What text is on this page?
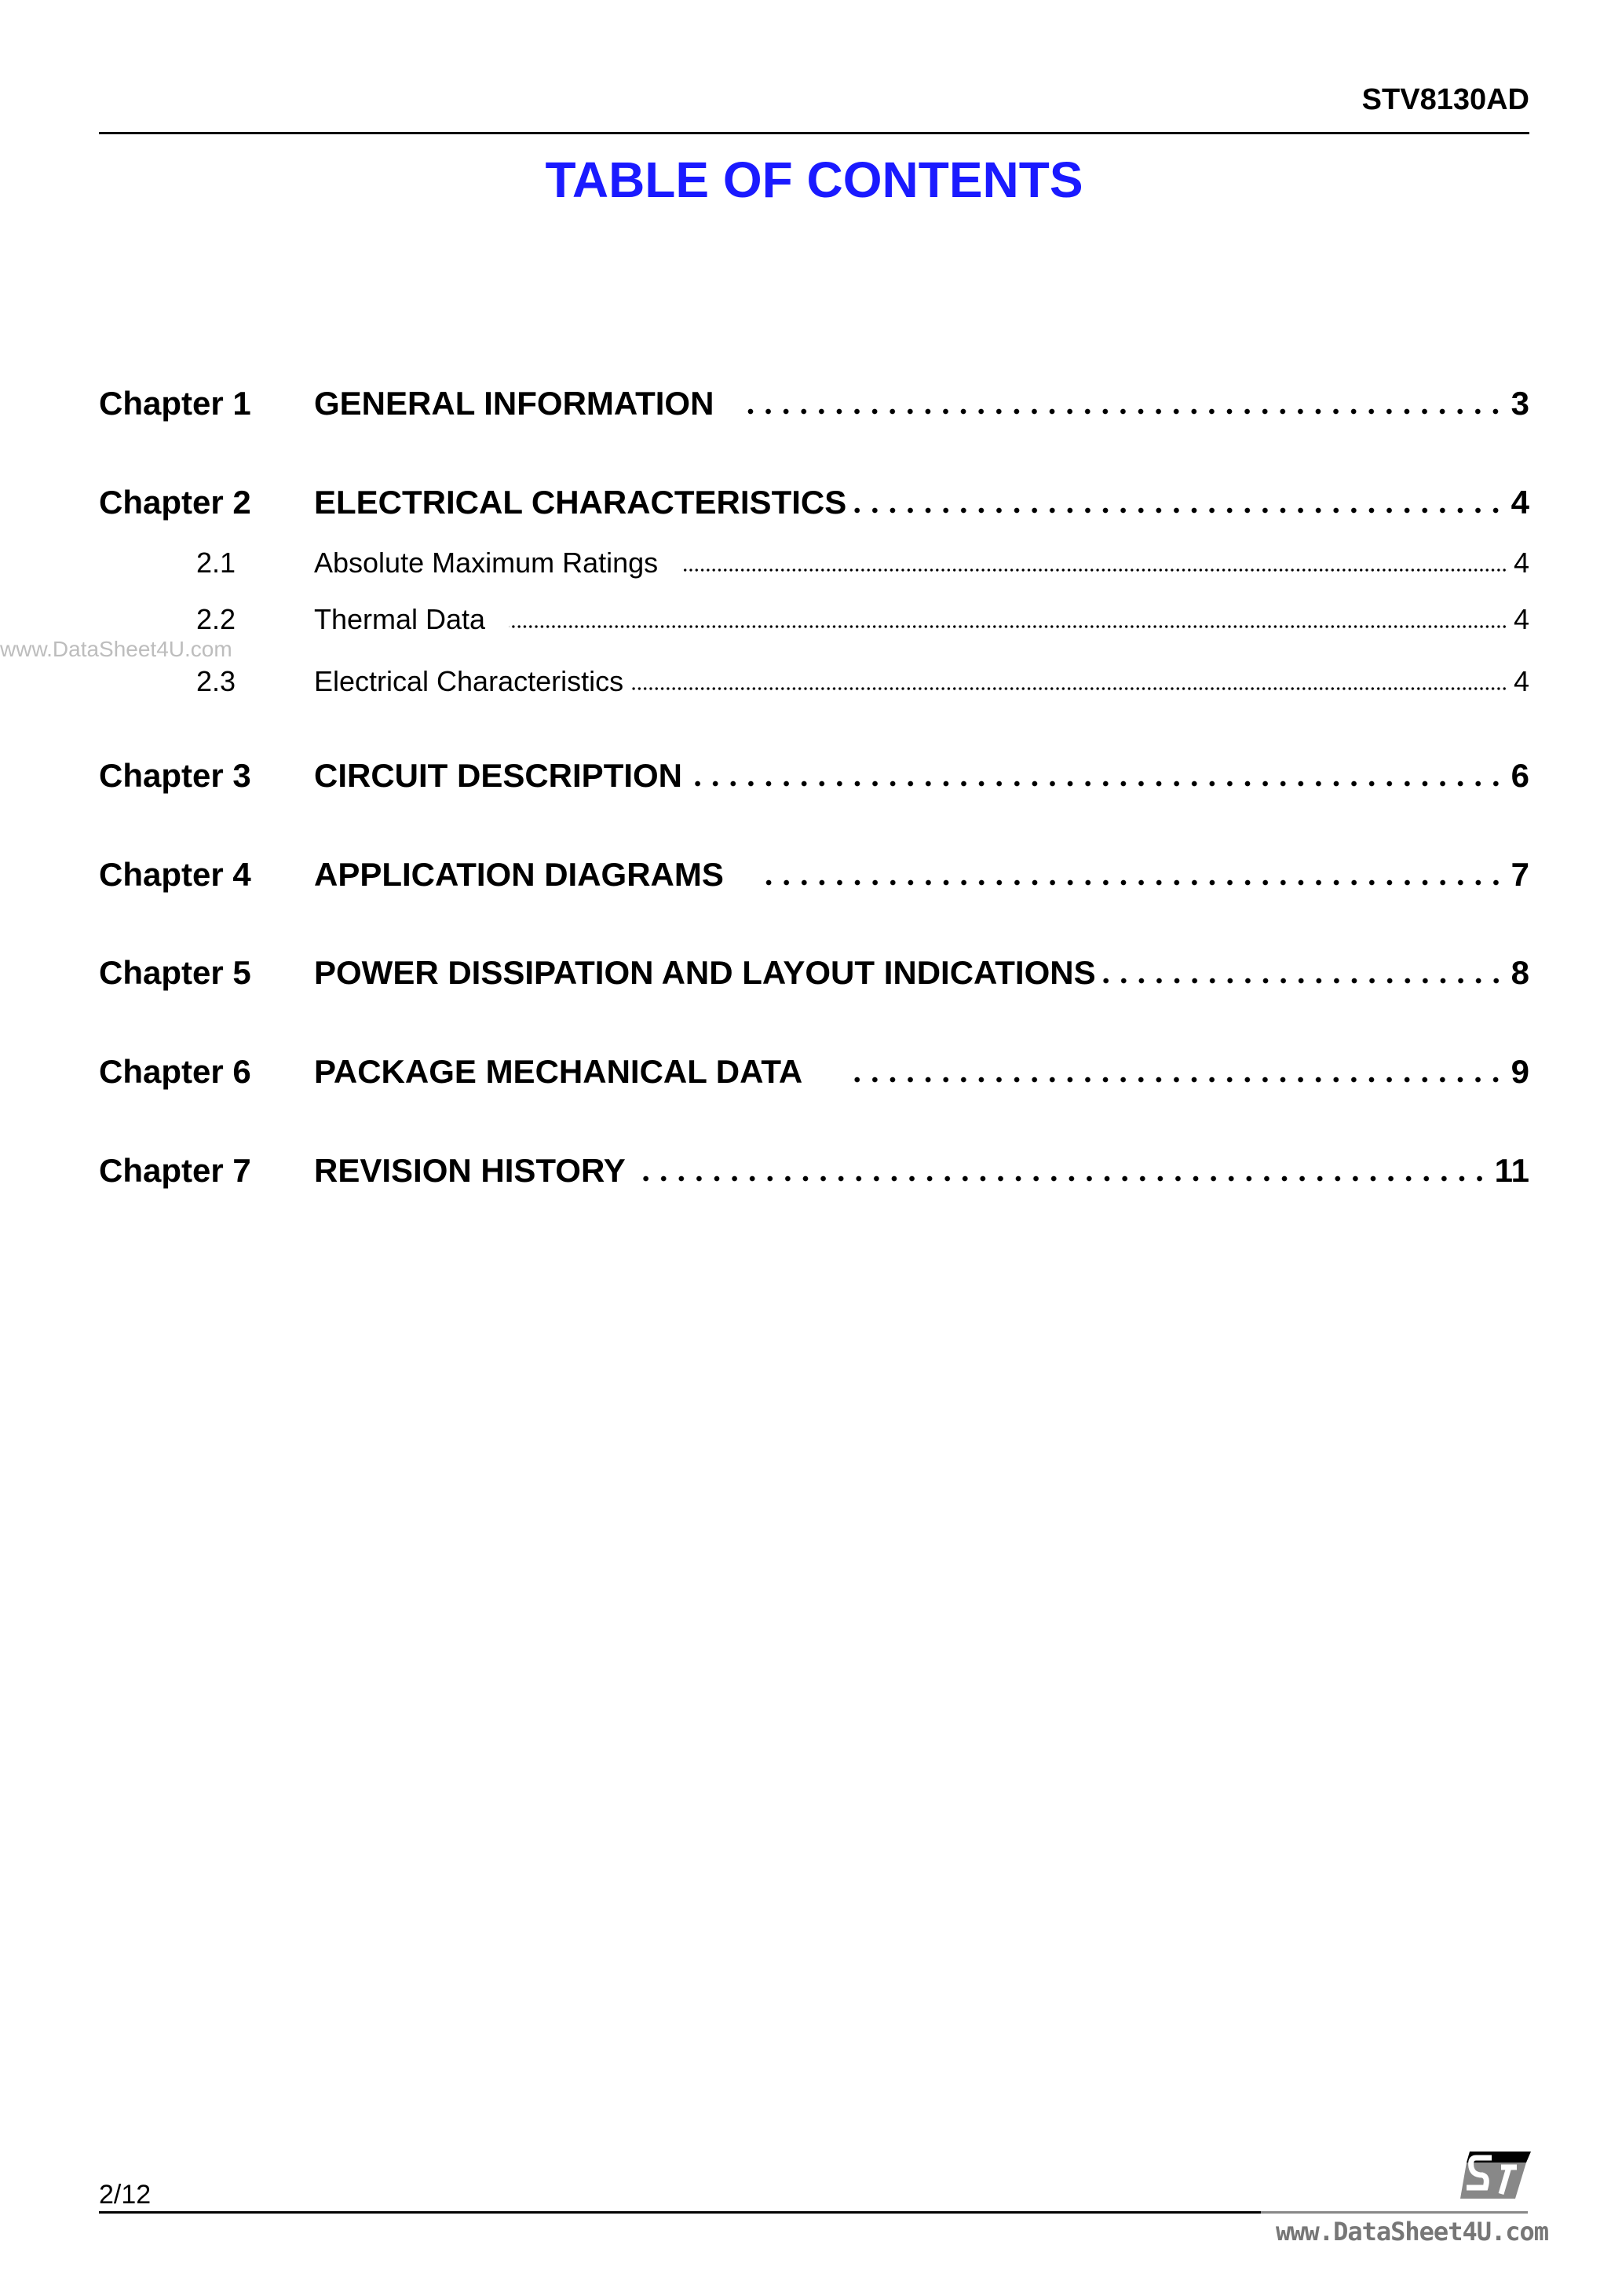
STV8130AD
TABLE OF CONTENTS
Chapter 1	GENERAL INFORMATION	3
Chapter 2	ELECTRICAL CHARACTERISTICS	4
2.1	Absolute Maximum Ratings	4
2.2	Thermal Data	4
2.3	Electrical Characteristics	4
Chapter 3	CIRCUIT DESCRIPTION	6
Chapter 4	APPLICATION DIAGRAMS	7
Chapter 5	POWER DISSIPATION AND LAYOUT INDICATIONS	8
Chapter 6	PACKAGE MECHANICAL DATA	9
Chapter 7	REVISION HISTORY	11
www.DataSheet4U.com
2/12
www.DataSheet4U.com
